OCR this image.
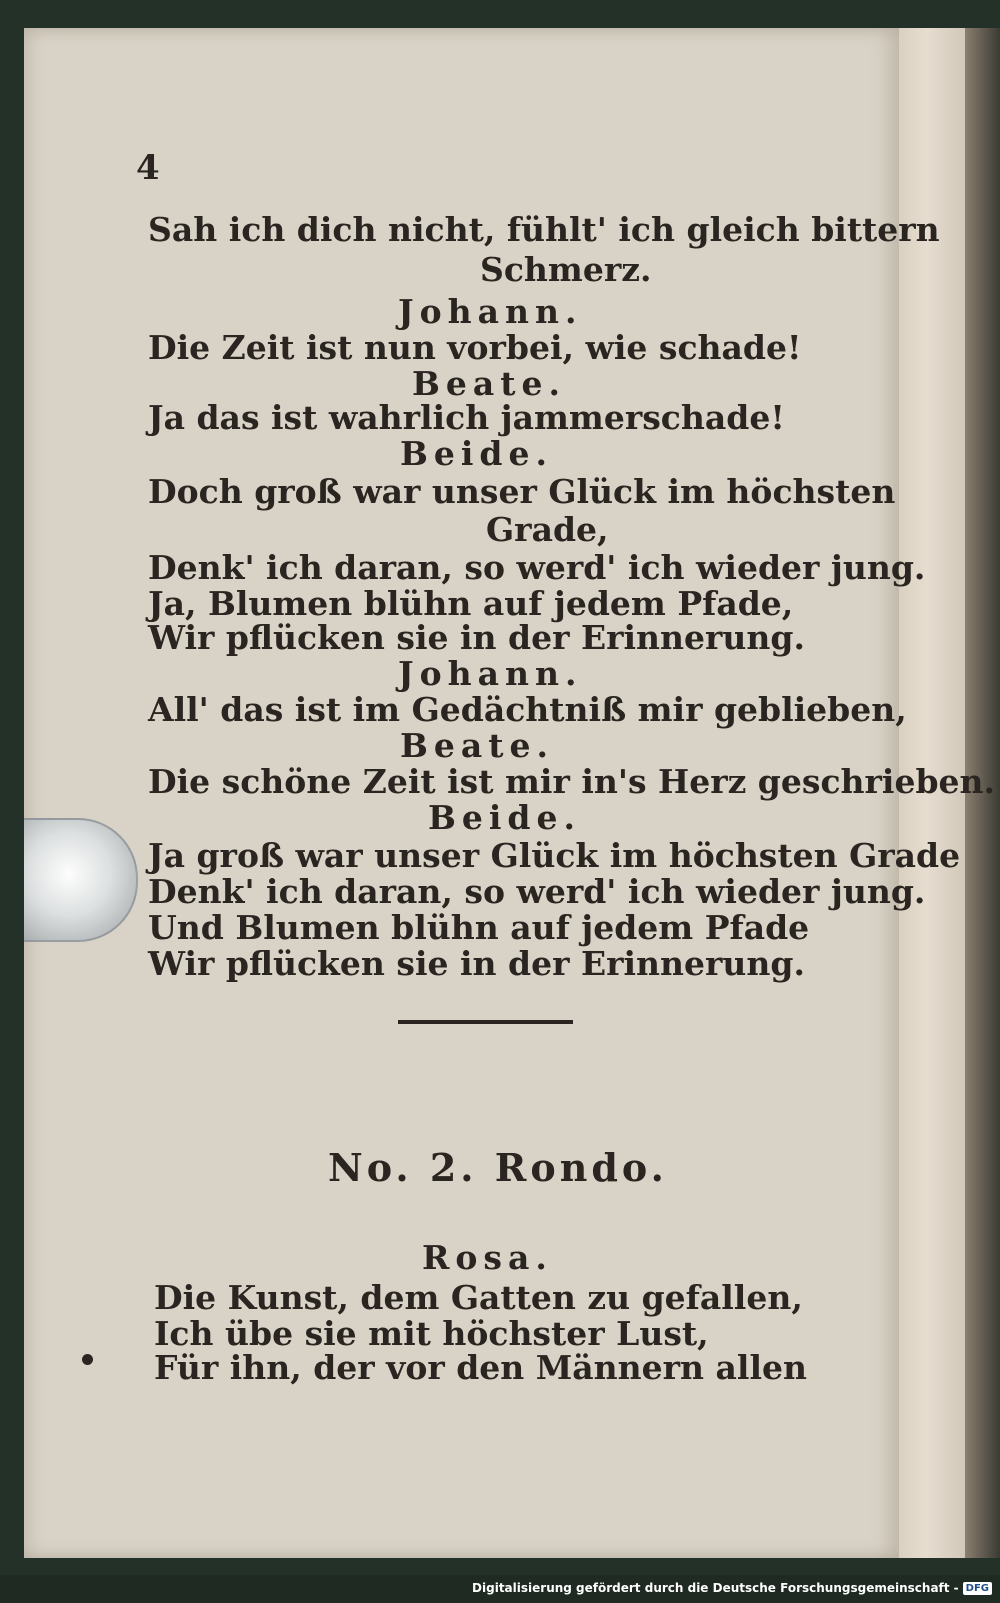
4
Sah ich dich nicht, fühlt' ich gleich bittern
Schmerz.
Johann.
Die Zeit ist nun vorbei, wie schade!
Beate.
Ja das ist wahrlich jammerschade!
Beide.
Doch groß war unser Glück im höchsten
Grade,
Denk' ich daran, so werd' ich wieder jung.
Ja, Blumen blühn auf jedem Pfade,
Wir pflücken sie in der Erinnerung.
Johann.
All' das ist im Gedächtniß mir geblieben,
Beate.
Die schöne Zeit ist mir in's Herz geschrieben.
Beide.
Ja groß war unser Glück im höchsten Grade
Denk' ich daran, so werd' ich wieder jung.
Und Blumen blühn auf jedem Pfade
Wir pflücken sie in der Erinnerung.
No. 2. Rondo.
Rosa.
Die Kunst, dem Gatten zu gefallen,
Ich übe sie mit höchster Lust,
Für ihn, der vor den Männern allen
Digitalisierung gefördert durch die Deutsche Forschungsgemeinschaft - DFG
